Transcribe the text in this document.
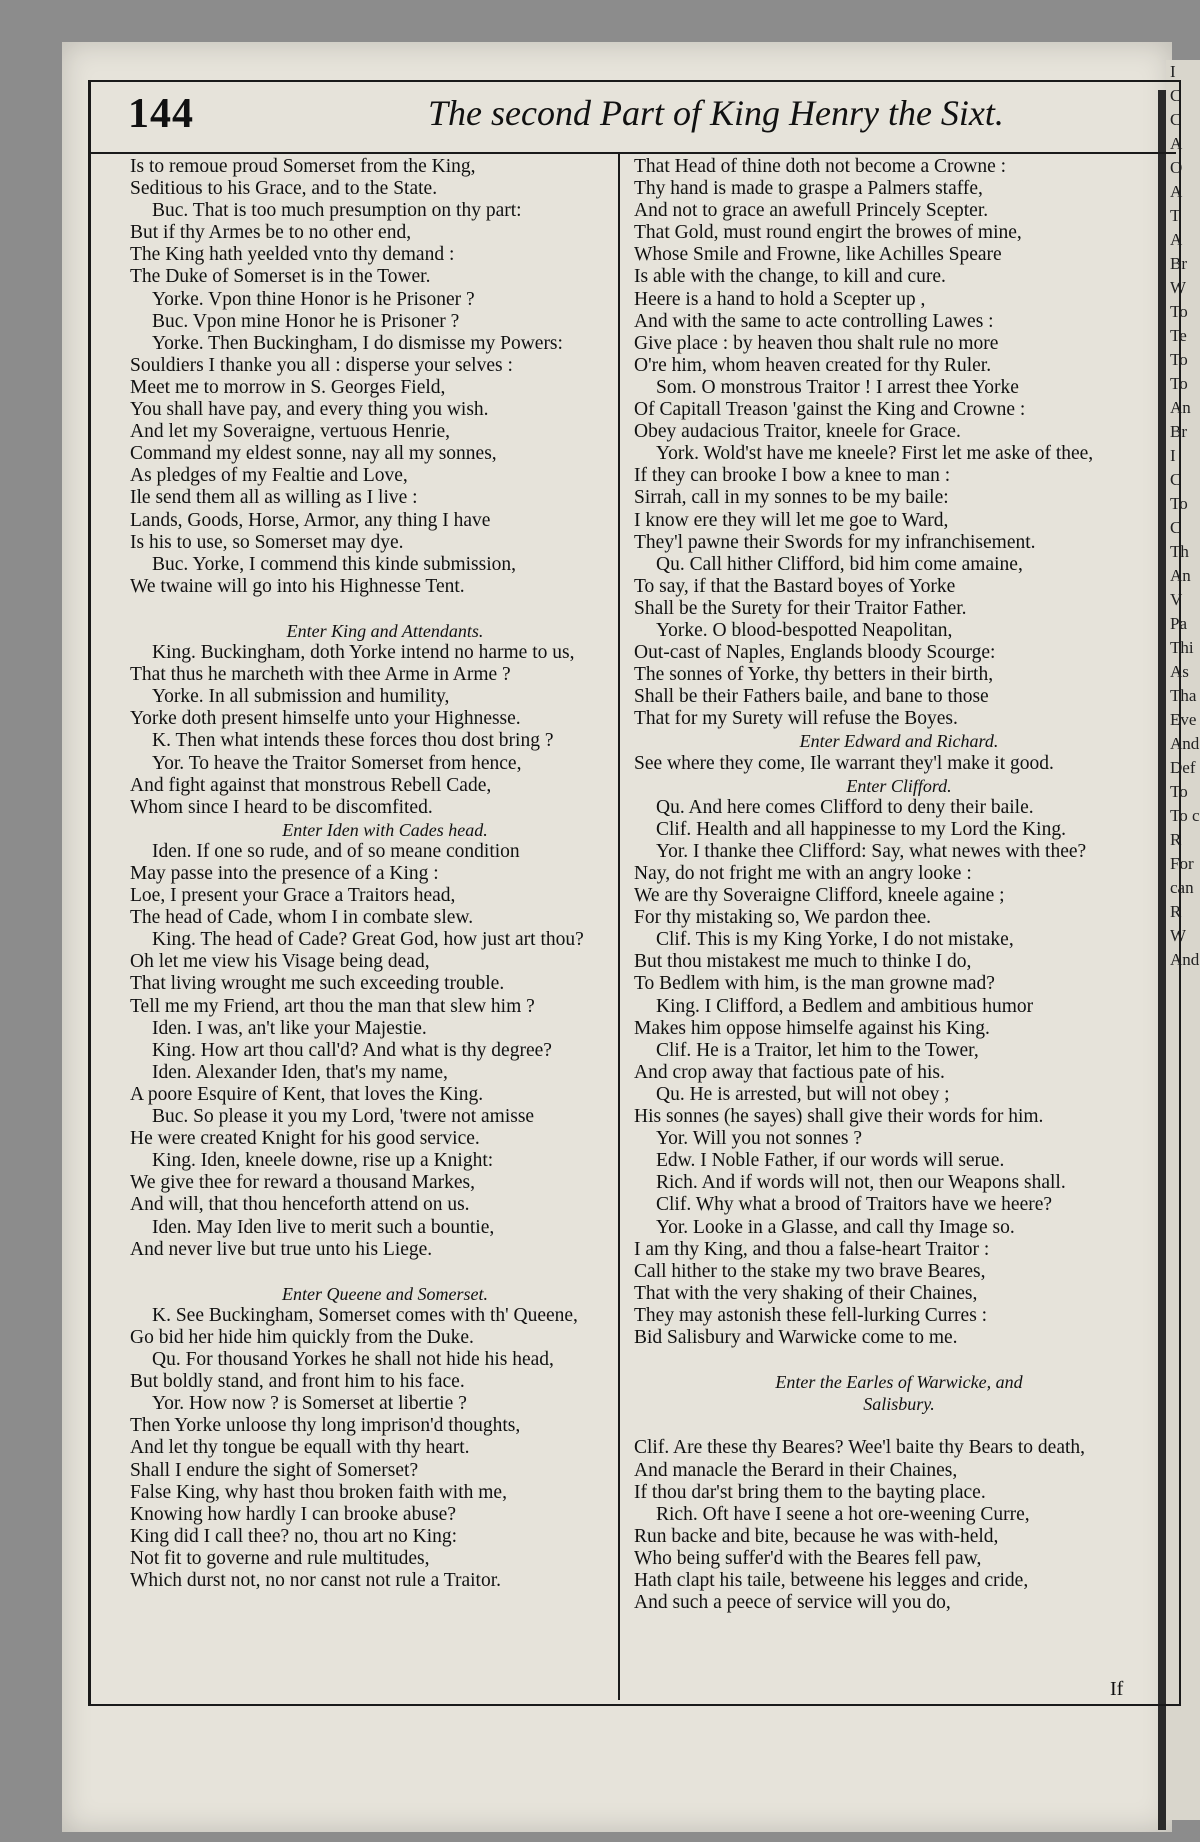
I
C
C
A
O
A
T
A
Br
W
To
Te
To
To
An
Br
I
C
To
C
Th
An
V
Pa
Thi
As
Tha
Eve
And
Def
To
To c
R
For
can
R
W
And
144	The second Part of King Henry the Sixt.
Is to remoue proud Somerset from the King,
Seditious to his Grace, and to the State.
Buc. That is too much presumption on thy part:
But if thy Armes be to no other end,
The King hath yeelded vnto thy demand :
The Duke of Somerset is in the Tower.
Yorke. Vpon thine Honor is he Prisoner ?
Buc. Vpon mine Honor he is Prisoner ?
Yorke. Then Buckingham, I do dismisse my Powers:
Souldiers I thanke you all : disperse your selves :
Meet me to morrow in S. Georges Field,
You shall have pay, and every thing you wish.
And let my Soveraigne, vertuous Henrie,
Command my eldest sonne, nay all my sonnes,
As pledges of my Fealtie and Love,
Ile send them all as willing as I live :
Lands, Goods, Horse, Armor, any thing I have
Is his to use, so Somerset may dye.
Buc. Yorke, I commend this kinde submission,
We twaine will go into his Highnesse Tent.
Enter King and Attendants.
King. Buckingham, doth Yorke intend no harme to us,
That thus he marcheth with thee Arme in Arme ?
Yorke. In all submission and humility,
Yorke doth present himselfe unto your Highnesse.
K. Then what intends these forces thou dost bring ?
Yor. To heave the Traitor Somerset from hence,
And fight against that monstrous Rebell Cade,
Whom since I heard to be discomfited.
Enter Iden with Cades head.
Iden. If one so rude, and of so meane condition
May passe into the presence of a King :
Loe, I present your Grace a Traitors head,
The head of Cade, whom I in combate slew.
King. The head of Cade? Great God, how just art thou?
Oh let me view his Visage being dead,
That living wrought me such exceeding trouble.
Tell me my Friend, art thou the man that slew him ?
Iden. I was, an't like your Majestie.
King. How art thou call'd? And what is thy degree?
Iden. Alexander Iden, that's my name,
A poore Esquire of Kent, that loves the King.
Buc. So please it you my Lord, 'twere not amisse
He were created Knight for his good service.
King. Iden, kneele downe, rise up a Knight:
We give thee for reward a thousand Markes,
And will, that thou henceforth attend on us.
Iden. May Iden live to merit such a bountie,
And never live but true unto his Liege.
Enter Queene and Somerset.
K. See Buckingham, Somerset comes with th' Queene,
Go bid her hide him quickly from the Duke.
Qu. For thousand Yorkes he shall not hide his head,
But boldly stand, and front him to his face.
Yor. How now ? is Somerset at libertie ?
Then Yorke unloose thy long imprison'd thoughts,
And let thy tongue be equall with thy heart.
Shall I endure the sight of Somerset?
False King, why hast thou broken faith with me,
Knowing how hardly I can brooke abuse?
King did I call thee? no, thou art no King:
Not fit to governe and rule multitudes,
Which durst not, no nor canst not rule a Traitor.
That Head of thine doth not become a Crowne :
Thy hand is made to graspe a Palmers staffe,
And not to grace an awefull Princely Scepter.
That Gold, must round engirt the browes of mine,
Whose Smile and Frowne, like Achilles Speare
Is able with the change, to kill and cure.
Heere is a hand to hold a Scepter up ,
And with the same to acte controlling Lawes :
Give place : by heaven thou shalt rule no more
O're him, whom heaven created for thy Ruler.
Som. O monstrous Traitor ! I arrest thee Yorke
Of Capitall Treason 'gainst the King and Crowne :
Obey audacious Traitor, kneele for Grace.
York. Wold'st have me kneele? First let me aske of thee,
If they can brooke I bow a knee to man :
Sirrah, call in my sonnes to be my baile:
I know ere they will let me goe to Ward,
They'l pawne their Swords for my infranchisement.
Qu. Call hither Clifford, bid him come amaine,
To say, if that the Bastard boyes of Yorke
Shall be the Surety for their Traitor Father.
Yorke. O blood-bespotted Neapolitan,
Out-cast of Naples, Englands bloody Scourge:
The sonnes of Yorke, thy betters in their birth,
Shall be their Fathers baile, and bane to those
That for my Surety will refuse the Boyes.
Enter Edward and Richard.
See where they come, Ile warrant they'l make it good.
Enter Clifford.
Qu. And here comes Clifford to deny their baile.
Clif. Health and all happinesse to my Lord the King.
Yor. I thanke thee Clifford: Say, what newes with thee?
Nay, do not fright me with an angry looke :
We are thy Soveraigne Clifford, kneele againe ;
For thy mistaking so, We pardon thee.
Clif. This is my King Yorke, I do not mistake,
But thou mistakest me much to thinke I do,
To Bedlem with him, is the man growne mad?
King. I Clifford, a Bedlem and ambitious humor
Makes him oppose himselfe against his King.
Clif. He is a Traitor, let him to the Tower,
And crop away that factious pate of his.
Qu. He is arrested, but will not obey ;
His sonnes (he sayes) shall give their words for him.
Yor. Will you not sonnes ?
Edw. I Noble Father, if our words will serue.
Rich. And if words will not, then our Weapons shall.
Clif. Why what a brood of Traitors have we heere?
Yor. Looke in a Glasse, and call thy Image so.
I am thy King, and thou a false-heart Traitor :
Call hither to the stake my two brave Beares,
That with the very shaking of their Chaines,
They may astonish these fell-lurking Curres :
Bid Salisbury and Warwicke come to me.
Enter the Earles of Warwicke, and
Salisbury.
Clif. Are these thy Beares? Wee'l baite thy Bears to death,
And manacle the Berard in their Chaines,
If thou dar'st bring them to the bayting place.
Rich. Oft have I seene a hot ore-weening Curre,
Run backe and bite, because he was with-held,
Who being suffer'd with the Beares fell paw,
Hath clapt his taile, betweene his legges and cride,
And such a peece of service will you do,
If
